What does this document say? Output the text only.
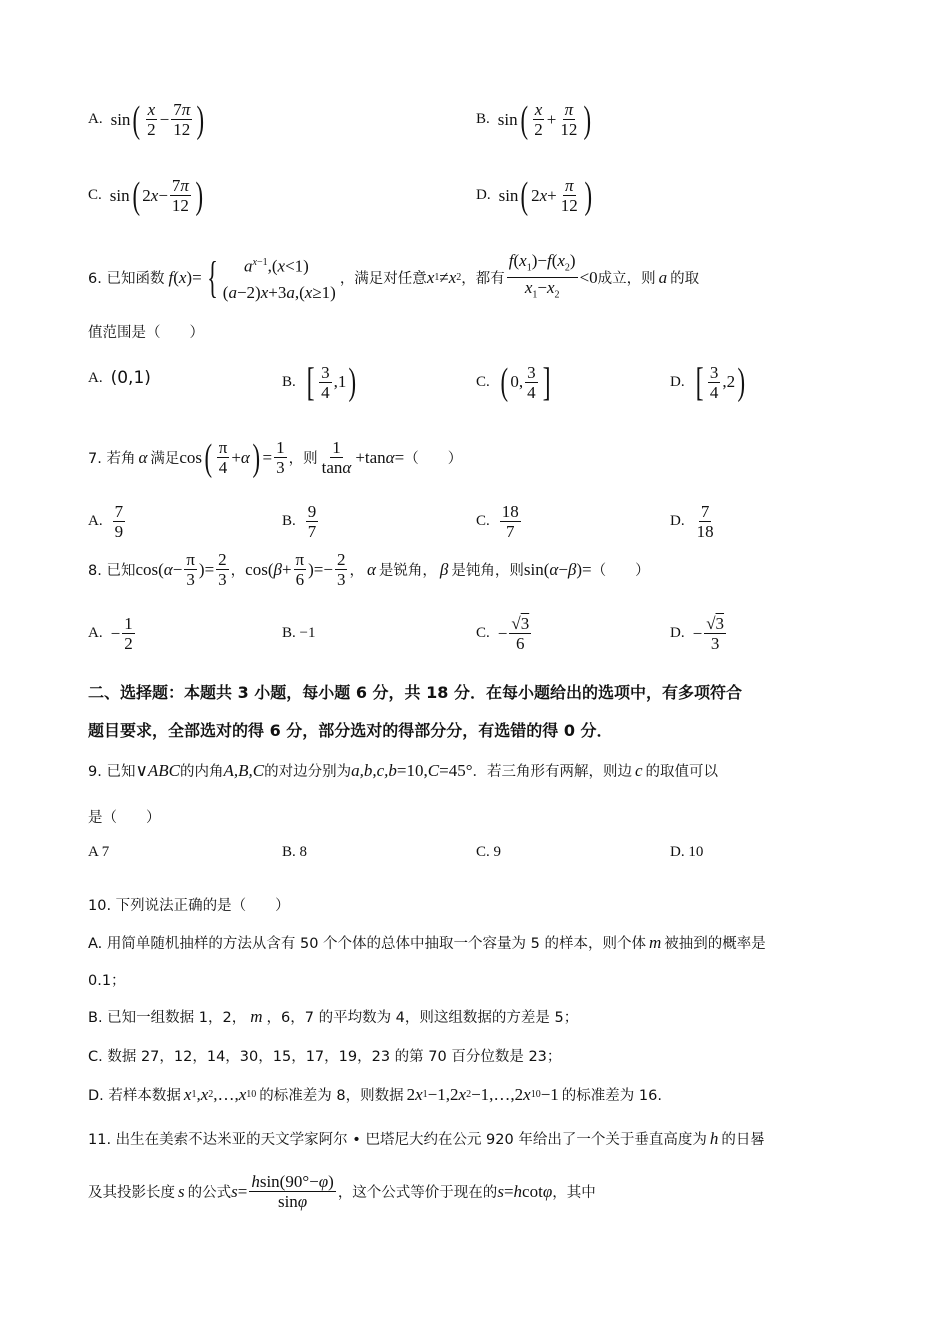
A. sin ( $\frac{x}{2} - \frac{7\pi}{12}$ )	B. sin ( $\frac{x}{2} + \frac{\pi}{12}$ )
C. sin ( 2 $x - \frac{7\pi}{12}$ )	D. sin ( 2 $x + \frac{\pi}{12}$ )
6. 已知函数 f ( x )= {	$a^{x-1},(x<1)$
(a−2)x+3a,(x≥1)
，满足对任意 x 1 ≠ x 2 ，都有 $\frac{f(x_1)-f(x_2)}{x_1-x_2} <0$ 成立，则 a 的取
值范围是（　　）
A. (0,1)	B. [ $\frac{3}{4} ,1$ )	C. ( 0, $\frac{3}{4}$ ]	D. [ $\frac{3}{4} ,2$ )
7. 若角 α 满足 cos ( $\frac{\pi}{4} + \alpha$ ) = $\frac{1}{3}$ ，则 $\frac{1}{\tan\alpha} +\tan$ α = （　　）
A. $\frac{7}{9}$	B. $\frac{9}{7}$	C. $\frac{18}{7}$	D. $\frac{7}{18}$
8. 已知 cos( $\alpha - \frac{\pi}{3}$ )= $\frac{2}{3}$ ， cos( $\beta + \frac{\pi}{6}$ )=− $\frac{2}{3}$ ， α 是锐角， β 是钝角，则 sin( α − β )= （　　）
A. − $\frac{1}{2}$	B. −1	C. − $\frac{√3}{6}$	D. − $\frac{√3}{3}$
二、选择题：本题共 3 小题，每小题 6 分，共 18 分．在每小题给出的选项中，有多项符合
题目要求，全部选对的得 6 分，部分选对的得部分分，有选错的得 0 分．
9. 已知 ∨ ABC 的内角 A,B,C 的对边分别为 a,b,c,b =10, C =45° ．若三角形有两解，则边 c 的取值可以
是（　　）
A 7	B. 8	C. 9	D. 10
10. 下列说法正确的是（　　）
A. 用简单随机抽样的方法从含有 50 个个体的总体中抽取一个容量为 5 的样本，则个体 m 被抽到的概率是
0.1；
B. 已知一组数据 1，2， m ，6，7 的平均数为 4，则这组数据的方差是 5；
C. 数据 27，12，14，30，15，17，19，23 的第 70 百分位数是 23；
D. 若样本数据 x 1 , x 2 ,…, x 10 的标准差为 8，则数据 2 x 1 −1,2 x 2 −1,…,2 x 10 −1 的标准差为 16.
11. 出生在美索不达米亚的天文学家阿尔 • 巴塔尼大约在公元 920 年给出了一个关于垂直高度为 h 的日晷
及其投影长度 s 的公式 $s = \frac{hsin(90^\circ-\varphi)}{\sin\varphi}$ ，这个公式等价于现在的 s = h cot φ ，其中
